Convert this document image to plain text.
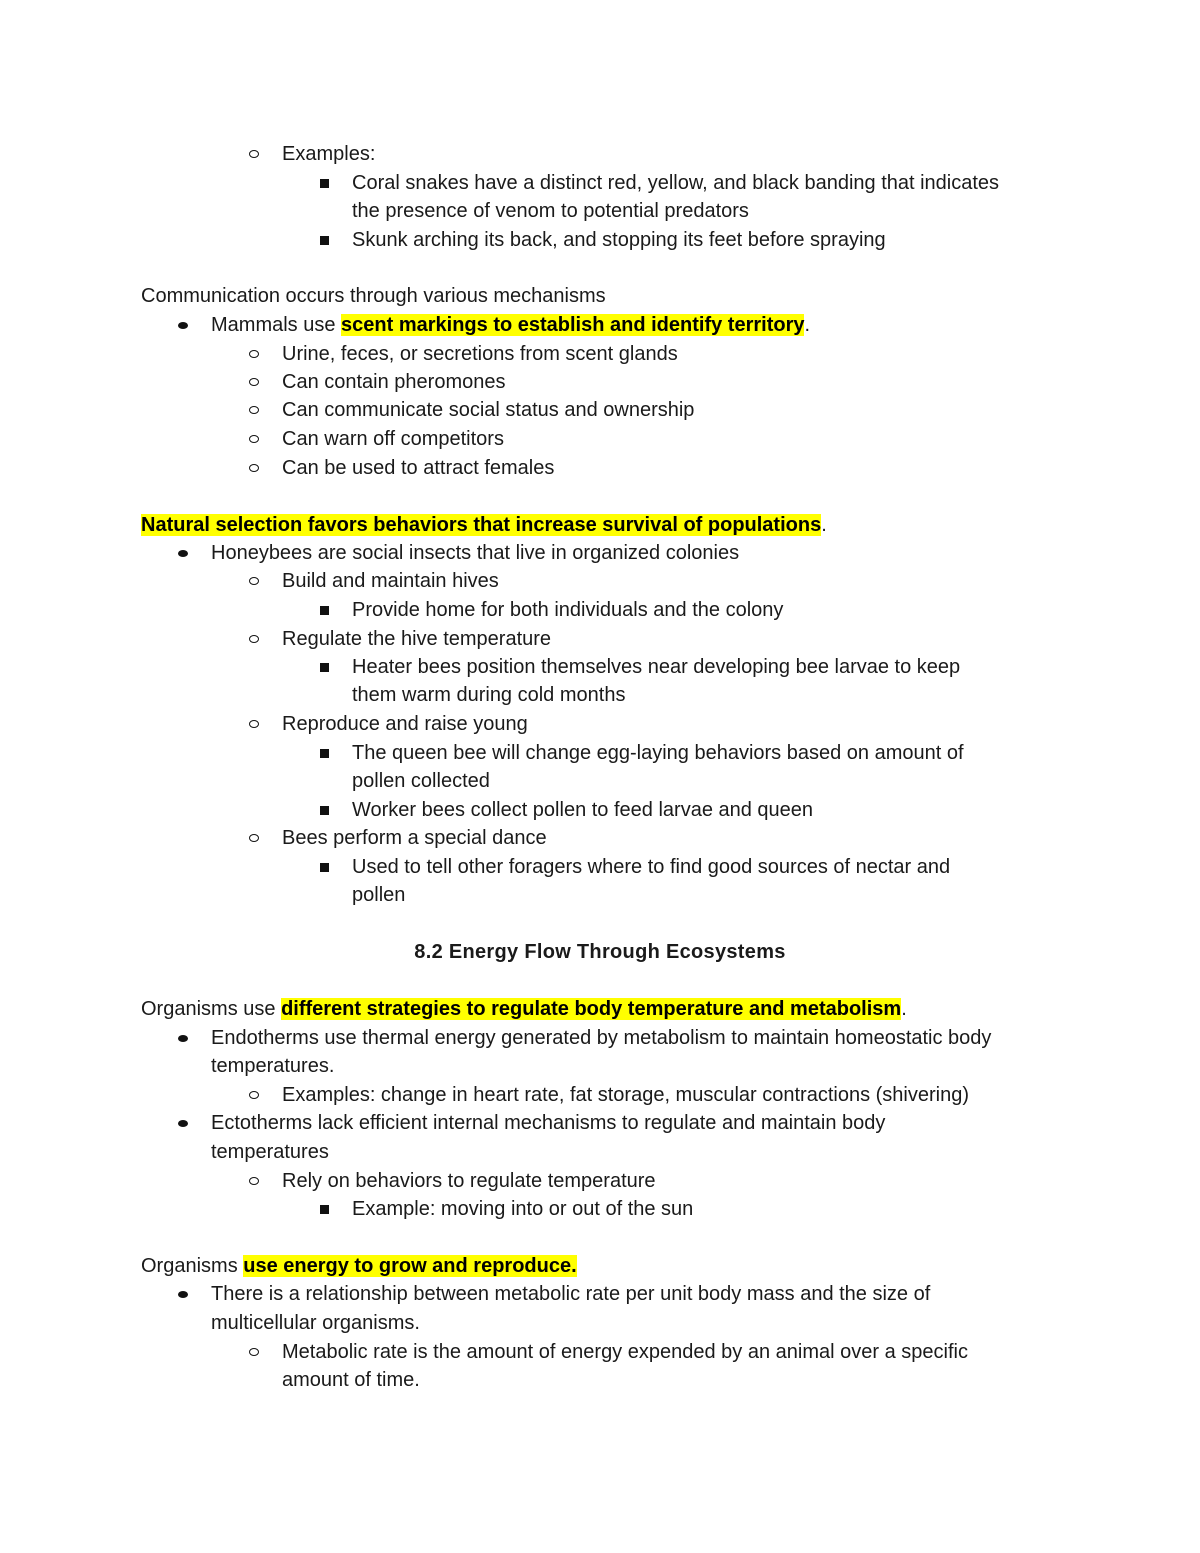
Examples:
Coral snakes have a distinct red, yellow, and black banding that indicates
the presence of venom to potential predators
Skunk arching its back, and stopping its feet before spraying
Communication occurs through various mechanisms
Mammals use scent markings to establish and identify territory.
Urine, feces, or secretions from scent glands
Can contain pheromones
Can communicate social status and ownership
Can warn off competitors
Can be used to attract females
Natural selection favors behaviors that increase survival of populations.
Honeybees are social insects that live in organized colonies
Build and maintain hives
Provide home for both individuals and the colony
Regulate the hive temperature
Heater bees position themselves near developing bee larvae to keep
them warm during cold months
Reproduce and raise young
The queen bee will change egg-laying behaviors based on amount of
pollen collected
Worker bees collect pollen to feed larvae and queen
Bees perform a special dance
Used to tell other foragers where to find good sources of nectar and
pollen
8.2 Energy Flow Through Ecosystems
Organisms use different strategies to regulate body temperature and metabolism.
Endotherms use thermal energy generated by metabolism to maintain homeostatic body
temperatures.
Examples: change in heart rate, fat storage, muscular contractions (shivering)
Ectotherms lack efficient internal mechanisms to regulate and maintain body
temperatures
Rely on behaviors to regulate temperature
Example: moving into or out of the sun
Organisms use energy to grow and reproduce.
There is a relationship between metabolic rate per unit body mass and the size of
multicellular organisms.
Metabolic rate is the amount of energy expended by an animal over a specific
amount of time.
